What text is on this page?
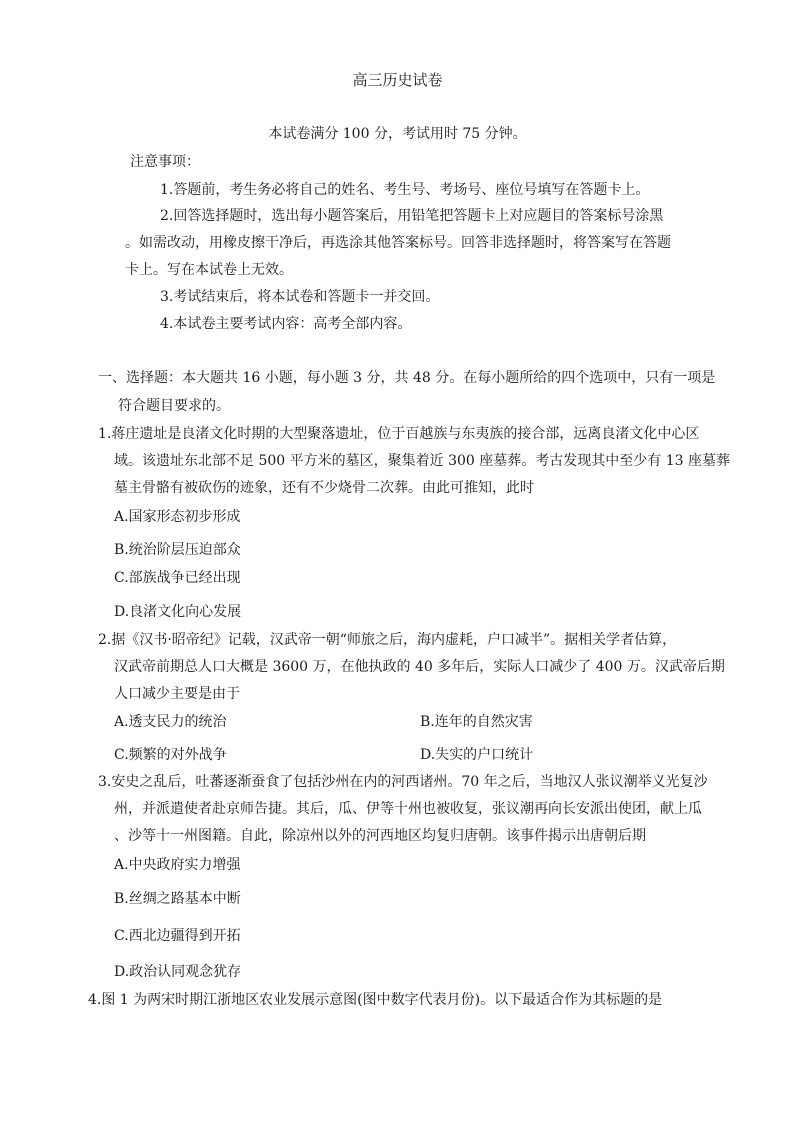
高三历史试卷
本试卷满分 100 分，考试用时 75 分钟。
注意事项：
1.答题前，考生务必将自己的姓名、考生号、考场号、座位号填写在答题卡上。
2.回答选择题时，选出每小题答案后，用铅笔把答题卡上对应题目的答案标号涂黑
。如需改动，用橡皮擦干净后，再选涂其他答案标号。回答非选择题时，将答案写在答题
卡上。写在本试卷上无效。
3.考试结束后，将本试卷和答题卡一并交回。
4.本试卷主要考试内容：高考全部内容。
一、选择题：本大题共 16 小题，每小题 3 分，共 48 分。在每小题所给的四个选项中，只有一项是
符合题目要求的。
1.蒋庄遗址是良渚文化时期的大型聚落遗址，位于百越族与东夷族的接合部，远离良渚文化中心区
域。该遗址东北部不足 500 平方米的墓区，聚集着近 300 座墓葬。考古发现其中至少有 13 座墓葬
墓主骨骼有被砍伤的迹象，还有不少烧骨二次葬。由此可推知，此时
A.国家形态初步形成
B.统治阶层压迫部众
C.部族战争已经出现
D.良渚文化向心发展
2.据《汉书·昭帝纪》记载，汉武帝一朝“师旅之后，海内虚耗，户口减半”。据相关学者估算，
汉武帝前期总人口大概是 3600 万，在他执政的 40 多年后，实际人口减少了 400 万。汉武帝后期
人口减少主要是由于
A.透支民力的统治	B.连年的自然灾害
C.频繁的对外战争	D.失实的户口统计
3.安史之乱后，吐蕃逐渐蚕食了包括沙州在内的河西诸州。70 年之后，当地汉人张议潮举义光复沙
州，并派遣使者赴京师告捷。其后，瓜、伊等十州也被收复，张议潮再向长安派出使团，献上瓜
、沙等十一州图籍。自此，除凉州以外的河西地区均复归唐朝。该事件揭示出唐朝后期
A.中央政府实力增强
B.丝绸之路基本中断
C.西北边疆得到开拓
D.政治认同观念犹存
4.图 1 为两宋时期江浙地区农业发展示意图(图中数字代表月份)。以下最适合作为其标题的是
